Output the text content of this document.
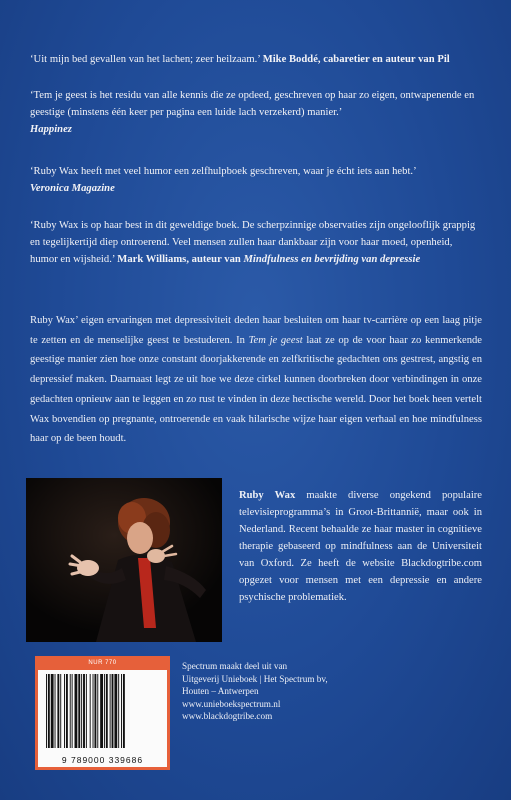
‘Uit mijn bed gevallen van het lachen; zeer heilzaam.’ Mike Boddé, cabaretier en auteur van Pil
‘Tem je geest is het residu van alle kennis die ze opdeed, geschreven op haar zo eigen, ontwapenende en geestige (minstens één keer per pagina een luide lach verzekerd) manier.’
Happinez
‘Ruby Wax heeft met veel humor een zelfhulpboek geschreven, waar je écht iets aan hebt.’
Veronica Magazine
‘Ruby Wax is op haar best in dit geweldige boek. De scherpzinnige observaties zijn ongelooflijk grappig en tegelijkertijd diep ontroerend. Veel mensen zullen haar dankbaar zijn voor haar moed, openheid, humor en wijsheid.’ Mark Williams, auteur van Mindfulness en bevrijding van depressie
Ruby Wax’ eigen ervaringen met depressiviteit deden haar besluiten om haar tv-carrière op een laag pitje te zetten en de menselijke geest te bestuderen. In Tem je geest laat ze op de voor haar zo kenmerkende geestige manier zien hoe onze constant doorjakkerende en zelfkritische gedachten ons gestrest, angstig en depressief maken. Daarnaast legt ze uit hoe we deze cirkel kunnen doorbreken door verbindingen in onze gedachten opnieuw aan te leggen en zo rust te vinden in deze hectische wereld. Door het boek heen vertelt Wax bovendien op pregnante, ontroerende en vaak hilarische wijze haar eigen verhaal en hoe mindfulness haar op de been houdt.
Ruby Wax maakte diverse ongekend populaire televisieprogramma’s in Groot-Brittannië, maar ook in Nederland. Recent behaalde ze haar master in cognitieve therapie gebaseerd op mindfulness aan de Universiteit van Oxford. Ze heeft de website Blackdogtribe.com opgezet voor mensen met een depressie en andere psychische problematiek.
NUR 770
9 789000 339686
Spectrum maakt deel uit van
Uitgeverij Unieboek | Het Spectrum bv,
Houten – Antwerpen
www.unieboekspectrum.nl
www.blackdogtribe.com
